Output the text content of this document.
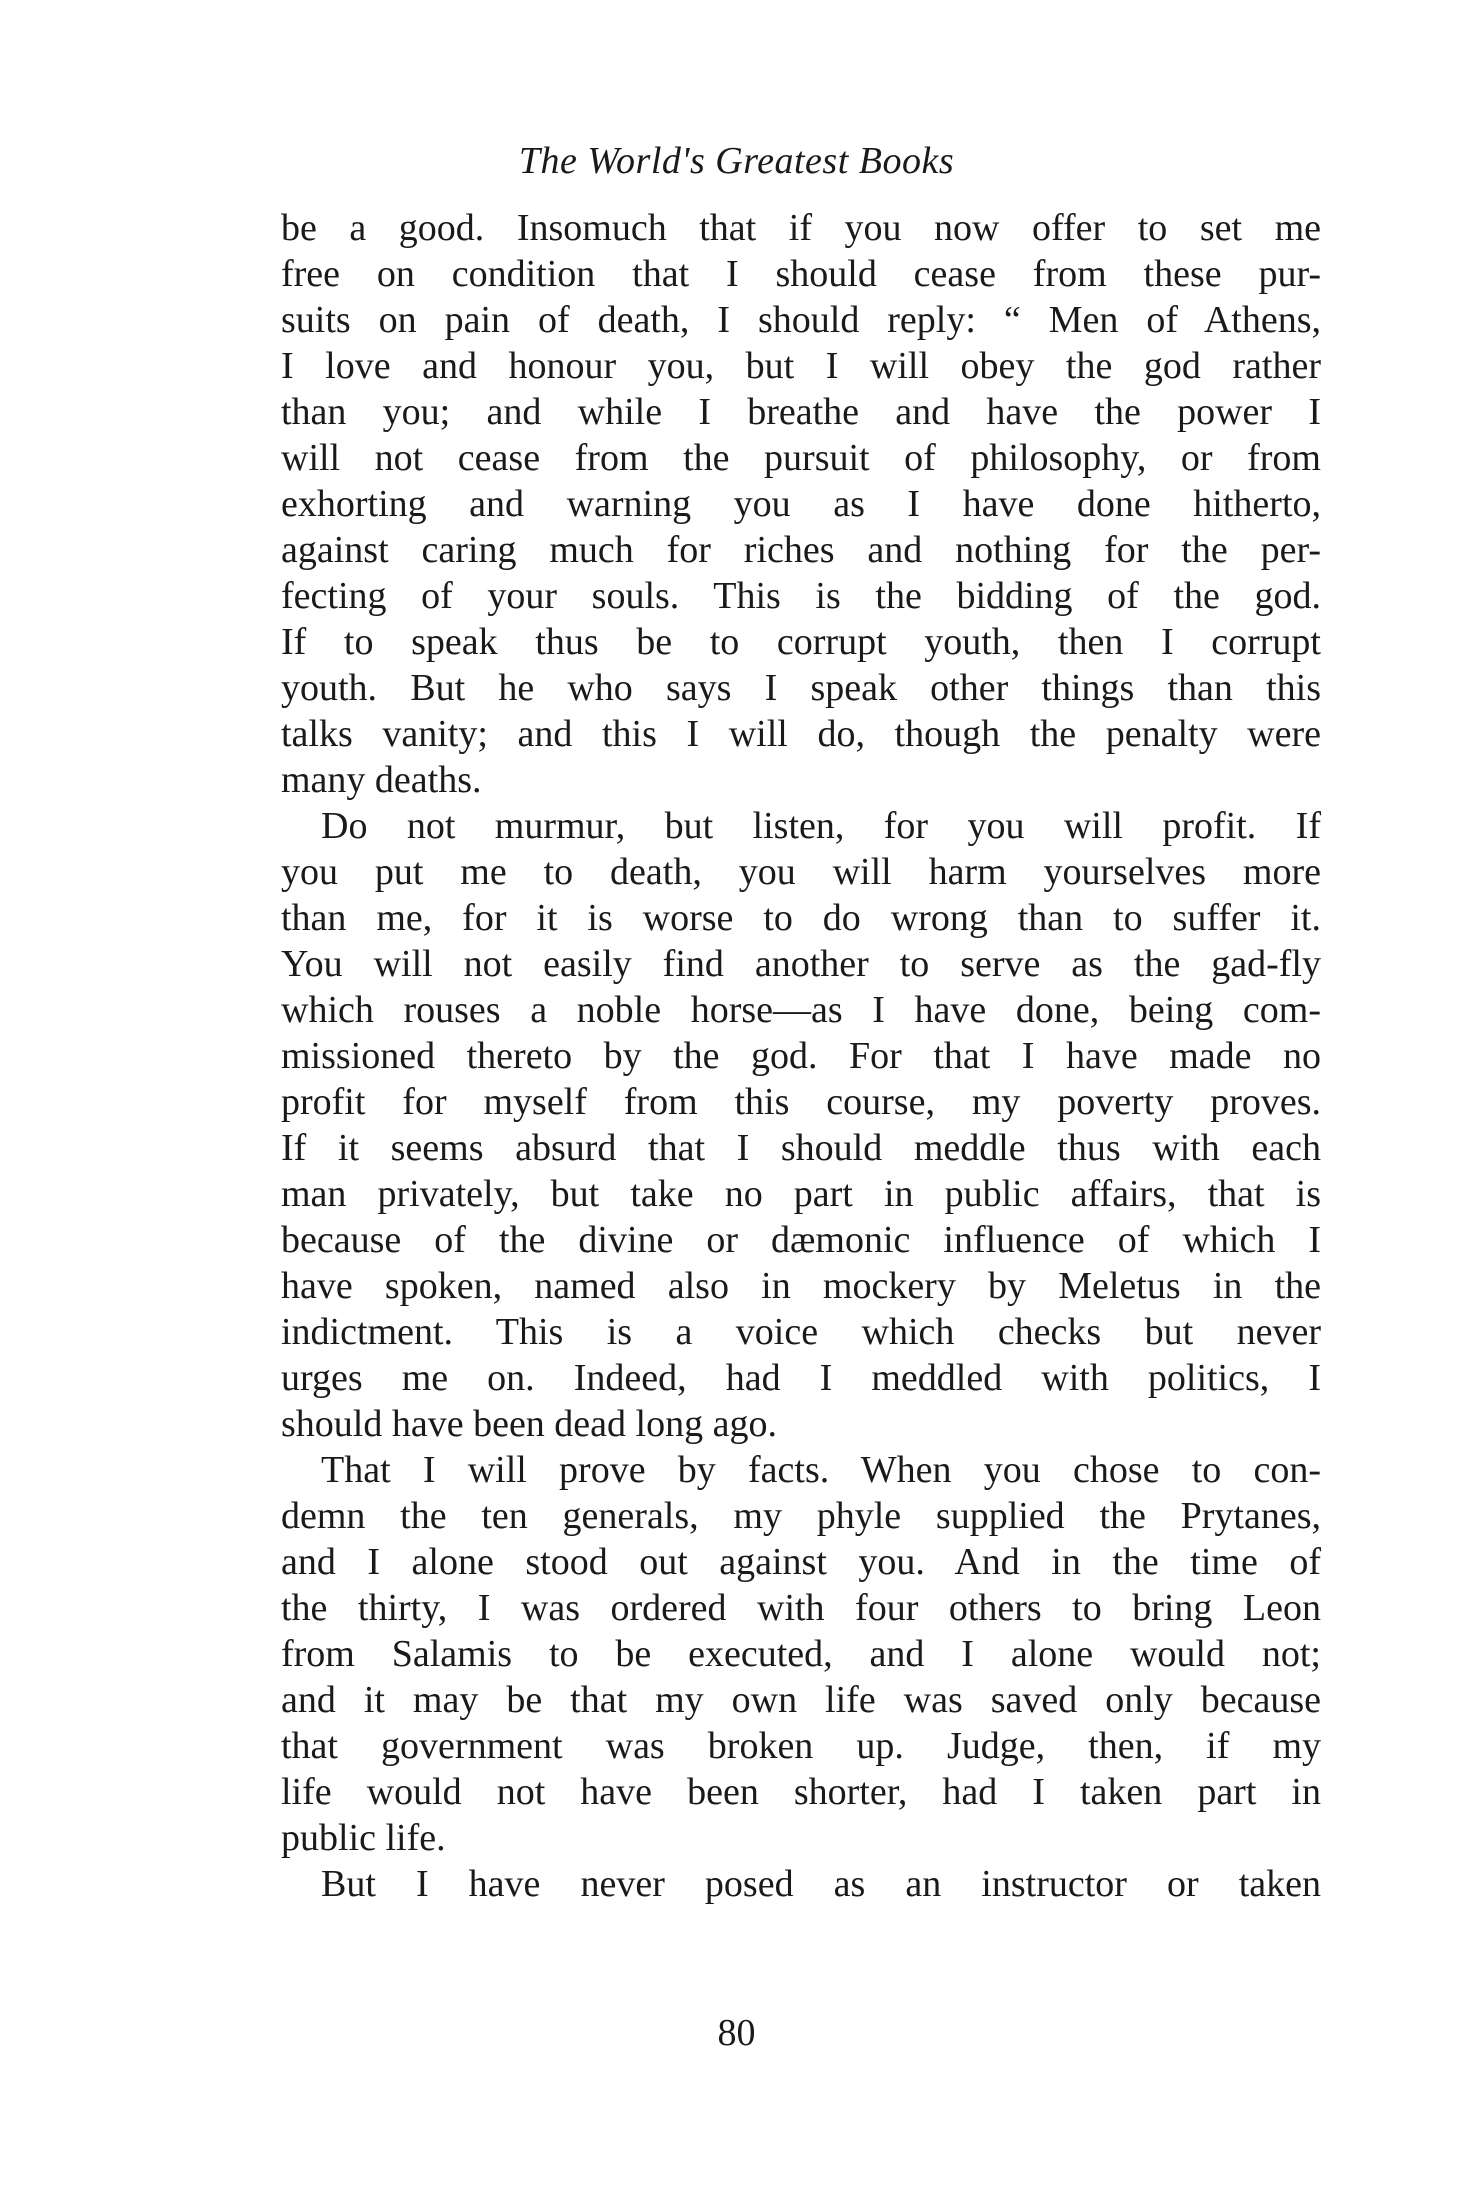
The World's Greatest Books
be a good. Insomuch that if you now offer to set me
free on condition that I should cease from these pur-
suits on pain of death, I should reply: “ Men of Athens,
I love and honour you, but I will obey the god rather
than you; and while I breathe and have the power I
will not cease from the pursuit of philosophy, or from
exhorting and warning you as I have done hitherto,
against caring much for riches and nothing for the per-
fecting of your souls. This is the bidding of the god.
If to speak thus be to corrupt youth, then I corrupt
youth. But he who says I speak other things than this
talks vanity; and this I will do, though the penalty were
many deaths.
Do not murmur, but listen, for you will profit. If
you put me to death, you will harm yourselves more
than me, for it is worse to do wrong than to suffer it.
You will not easily find another to serve as the gad-fly
which rouses a noble horse—as I have done, being com-
missioned thereto by the god. For that I have made no
profit for myself from this course, my poverty proves.
If it seems absurd that I should meddle thus with each
man privately, but take no part in public affairs, that is
because of the divine or dæmonic influence of which I
have spoken, named also in mockery by Meletus in the
indictment. This is a voice which checks but never
urges me on. Indeed, had I meddled with politics, I
should have been dead long ago.
That I will prove by facts. When you chose to con-
demn the ten generals, my phyle supplied the Prytanes,
and I alone stood out against you. And in the time of
the thirty, I was ordered with four others to bring Leon
from Salamis to be executed, and I alone would not;
and it may be that my own life was saved only because
that government was broken up. Judge, then, if my
life would not have been shorter, had I taken part in
public life.
But I have never posed as an instructor or taken
80
